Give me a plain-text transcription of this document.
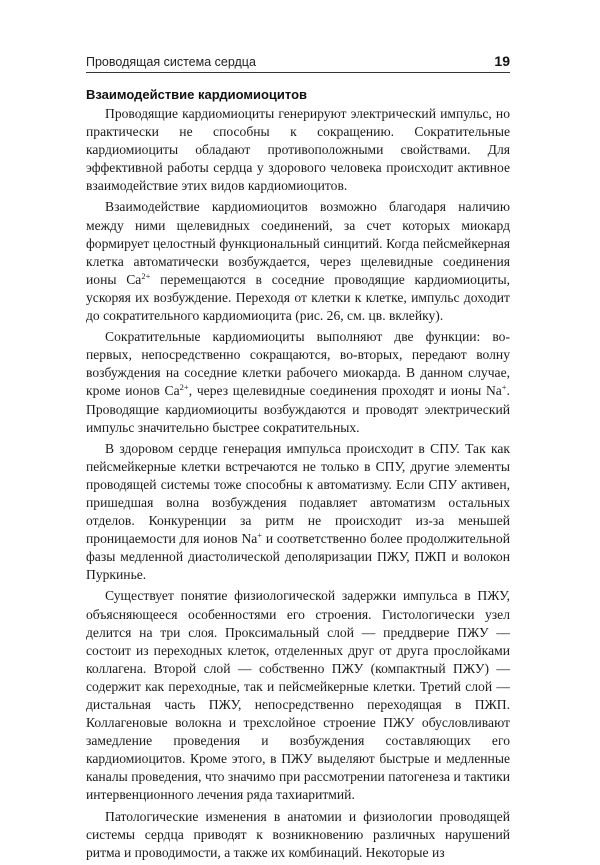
Проводящая система сердца	19
Взаимодействие кардиомиоцитов

Проводящие кардиомиоциты генерируют электрический импульс, но практически не способны к сокращению. Сократительные кардиомиоциты обладают противоположными свойствами. Для эффективной работы сердца у здорового человека происходит активное взаимодействие этих видов кардиомиоцитов.

Взаимодействие кардиомиоцитов возможно благодаря наличию между ними щелевидных соединений, за счет которых миокард формирует целостный функциональный синцитий. Когда пейсмейкерная клетка автоматически возбуждается, через щелевидные соединения ионы $Ca^{2+}$ перемещаются в соседние проводящие кардиомиоциты, ускоряя их возбуждение. Переходя от клетки к клетке, импульс доходит до сократительного кардиомиоцита (рис. 26, см. цв. вклейку).

Сократительные кардиомиоциты выполняют две функции: во-первых, непосредственно сокращаются, во-вторых, передают волну возбуждения на соседние клетки рабочего миокарда. В данном случае, кроме ионов $Ca^{2+}$, через щелевидные соединения проходят и ионы Na+. Проводящие кардиомиоциты возбуждаются и проводят электрический импульс значительно быстрее сократительных.

В здоровом сердце генерация импульса происходит в СПУ. Так как пейсмейкерные клетки встречаются не только в СПУ, другие элементы проводящей системы тоже способны к автоматизму. Если СПУ активен, пришедшая волна возбуждения подавляет автоматизм остальных отделов. Конкуренции за ритм не происходит из-за меньшей проницаемости для ионов Na+ и соответственно более продолжительной фазы медленной диастолической деполяризации ПЖУ, ПЖП и волокон Пуркинье.

Существует понятие физиологической задержки импульса в ПЖУ, объясняющееся особенностями его строения. Гистологически узел делится на три слоя. Проксимальный слой — преддверие ПЖУ — состоит из переходных клеток, отделенных друг от друга прослойками коллагена. Второй слой — собственно ПЖУ (компактный ПЖУ) — содержит как переходные, так и пейсмейкерные клетки. Третий слой — дистальная часть ПЖУ, непосредственно переходящая в ПЖП. Коллагеновые волокна и трехслойное строение ПЖУ обусловливают замедление проведения и возбуждения составляющих его кардиомиоцитов. Кроме этого, в ПЖУ выделяют быстрые и медленные каналы проведения, что значимо при рассмотрении патогенеза и тактики интервенционного лечения ряда тахиаритмий.

Патологические изменения в анатомии и физиологии проводящей системы сердца приводят к возникновению различных нарушений ритма и проводимости, а также их комбинаций. Некоторые из
